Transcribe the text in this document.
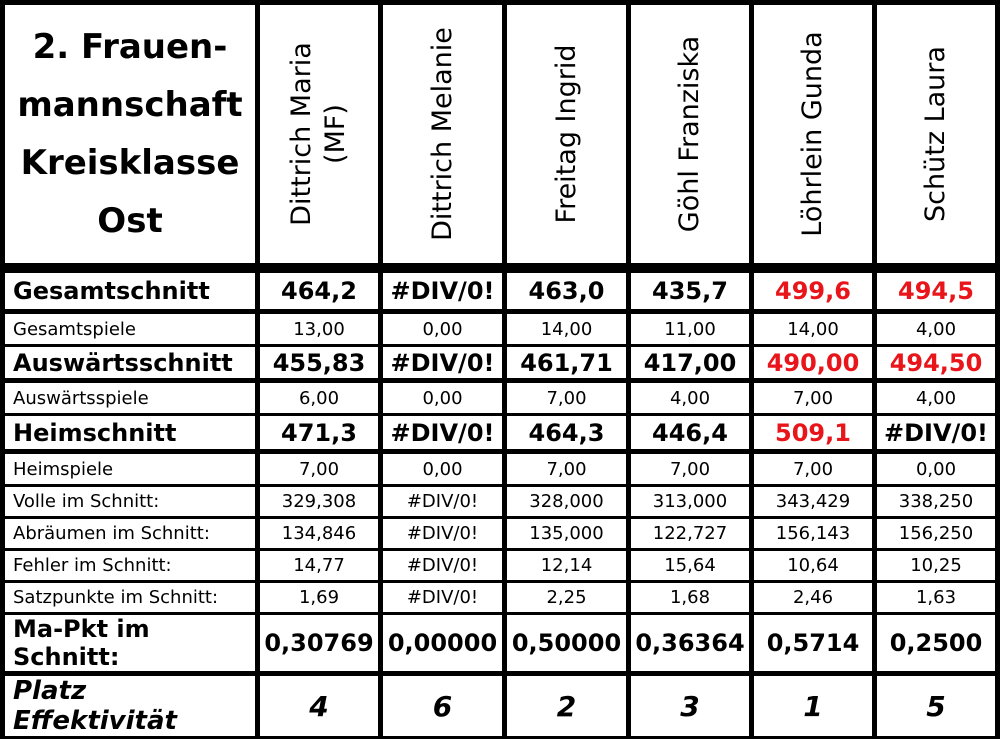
2. Frauen-
mannschaft
Kreisklasse
Ost	Dittrich Maria (MF)	Dittrich Melanie	Freitag Ingrid	Göhl Franziska	Löhrlein Gunda	Schütz Laura

Gesamtschnitt	464,2	#DIV/0!	463,0	435,7	499,6	494,5
Gesamtspiele	13,00	0,00	14,00	11,00	14,00	4,00
Auswärtsschnitt	455,83	#DIV/0!	461,71	417,00	490,00	494,50
Auswärtsspiele	6,00	0,00	7,00	4,00	7,00	4,00
Heimschnitt	471,3	#DIV/0!	464,3	446,4	509,1	#DIV/0!
Heimspiele	7,00	0,00	7,00	7,00	7,00	0,00
Volle im Schnitt:	329,308	#DIV/0!	328,000	313,000	343,429	338,250
Abräumen im Schnitt:	134,846	#DIV/0!	135,000	122,727	156,143	156,250
Fehler im Schnitt:	14,77	#DIV/0!	12,14	15,64	10,64	10,25
Satzpunkte im Schnitt:	1,69	#DIV/0!	2,25	1,68	2,46	1,63
Ma-Pkt im Schnitt:	0,30769	0,00000	0,50000	0,36364	0,5714	0,2500
Platz Effektivität	4	6	2	3	1	5
